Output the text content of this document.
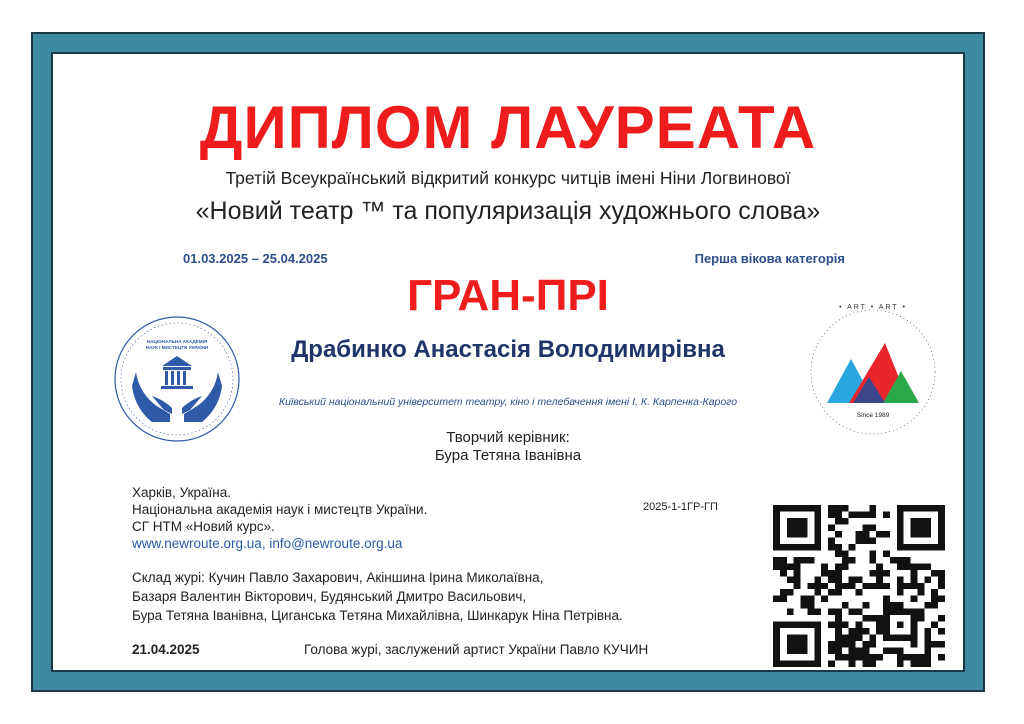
ДИПЛОМ ЛАУРЕАТА
Третій Всеукраїнський відкритий конкурс читців імені Ніни Логвинової
«Новий театр ™ та популяризація художнього слова»
01.03.2025 – 25.04.2025	Перша вікова категорія
ГРАН-ПРІ
Драбинко Анастасія Володимирівна
Київський національний університет театру, кіно і телебачення імені І. К. Карпенка-Карого
Творчий керівник:
Бура Тетяна Іванівна
Харків, Україна.
Національна академія наук і мистецтв України.
СГ НТМ «Новий курс».
www.newroute.org.ua, info@newroute.org.ua
2025-1-1ГР-ГП
Склад журі: Кучин Павло Захарович, Акіншина Ірина Миколаївна,
Базаря Валентин Вікторович, Будянський Дмитро Васильович,
Бура Тетяна Іванівна, Циганська Тетяна Михайлівна, Шинкарук Ніна Петрівна.
21.04.2025	Голова журі, заслужений артист України Павло КУЧИН
НАЦІОНАЛЬНА АКАДЕМІЯ
НАУК І МИСТЕЦТВ УКРАЇНИ
• ART • ART •
Since 1989
